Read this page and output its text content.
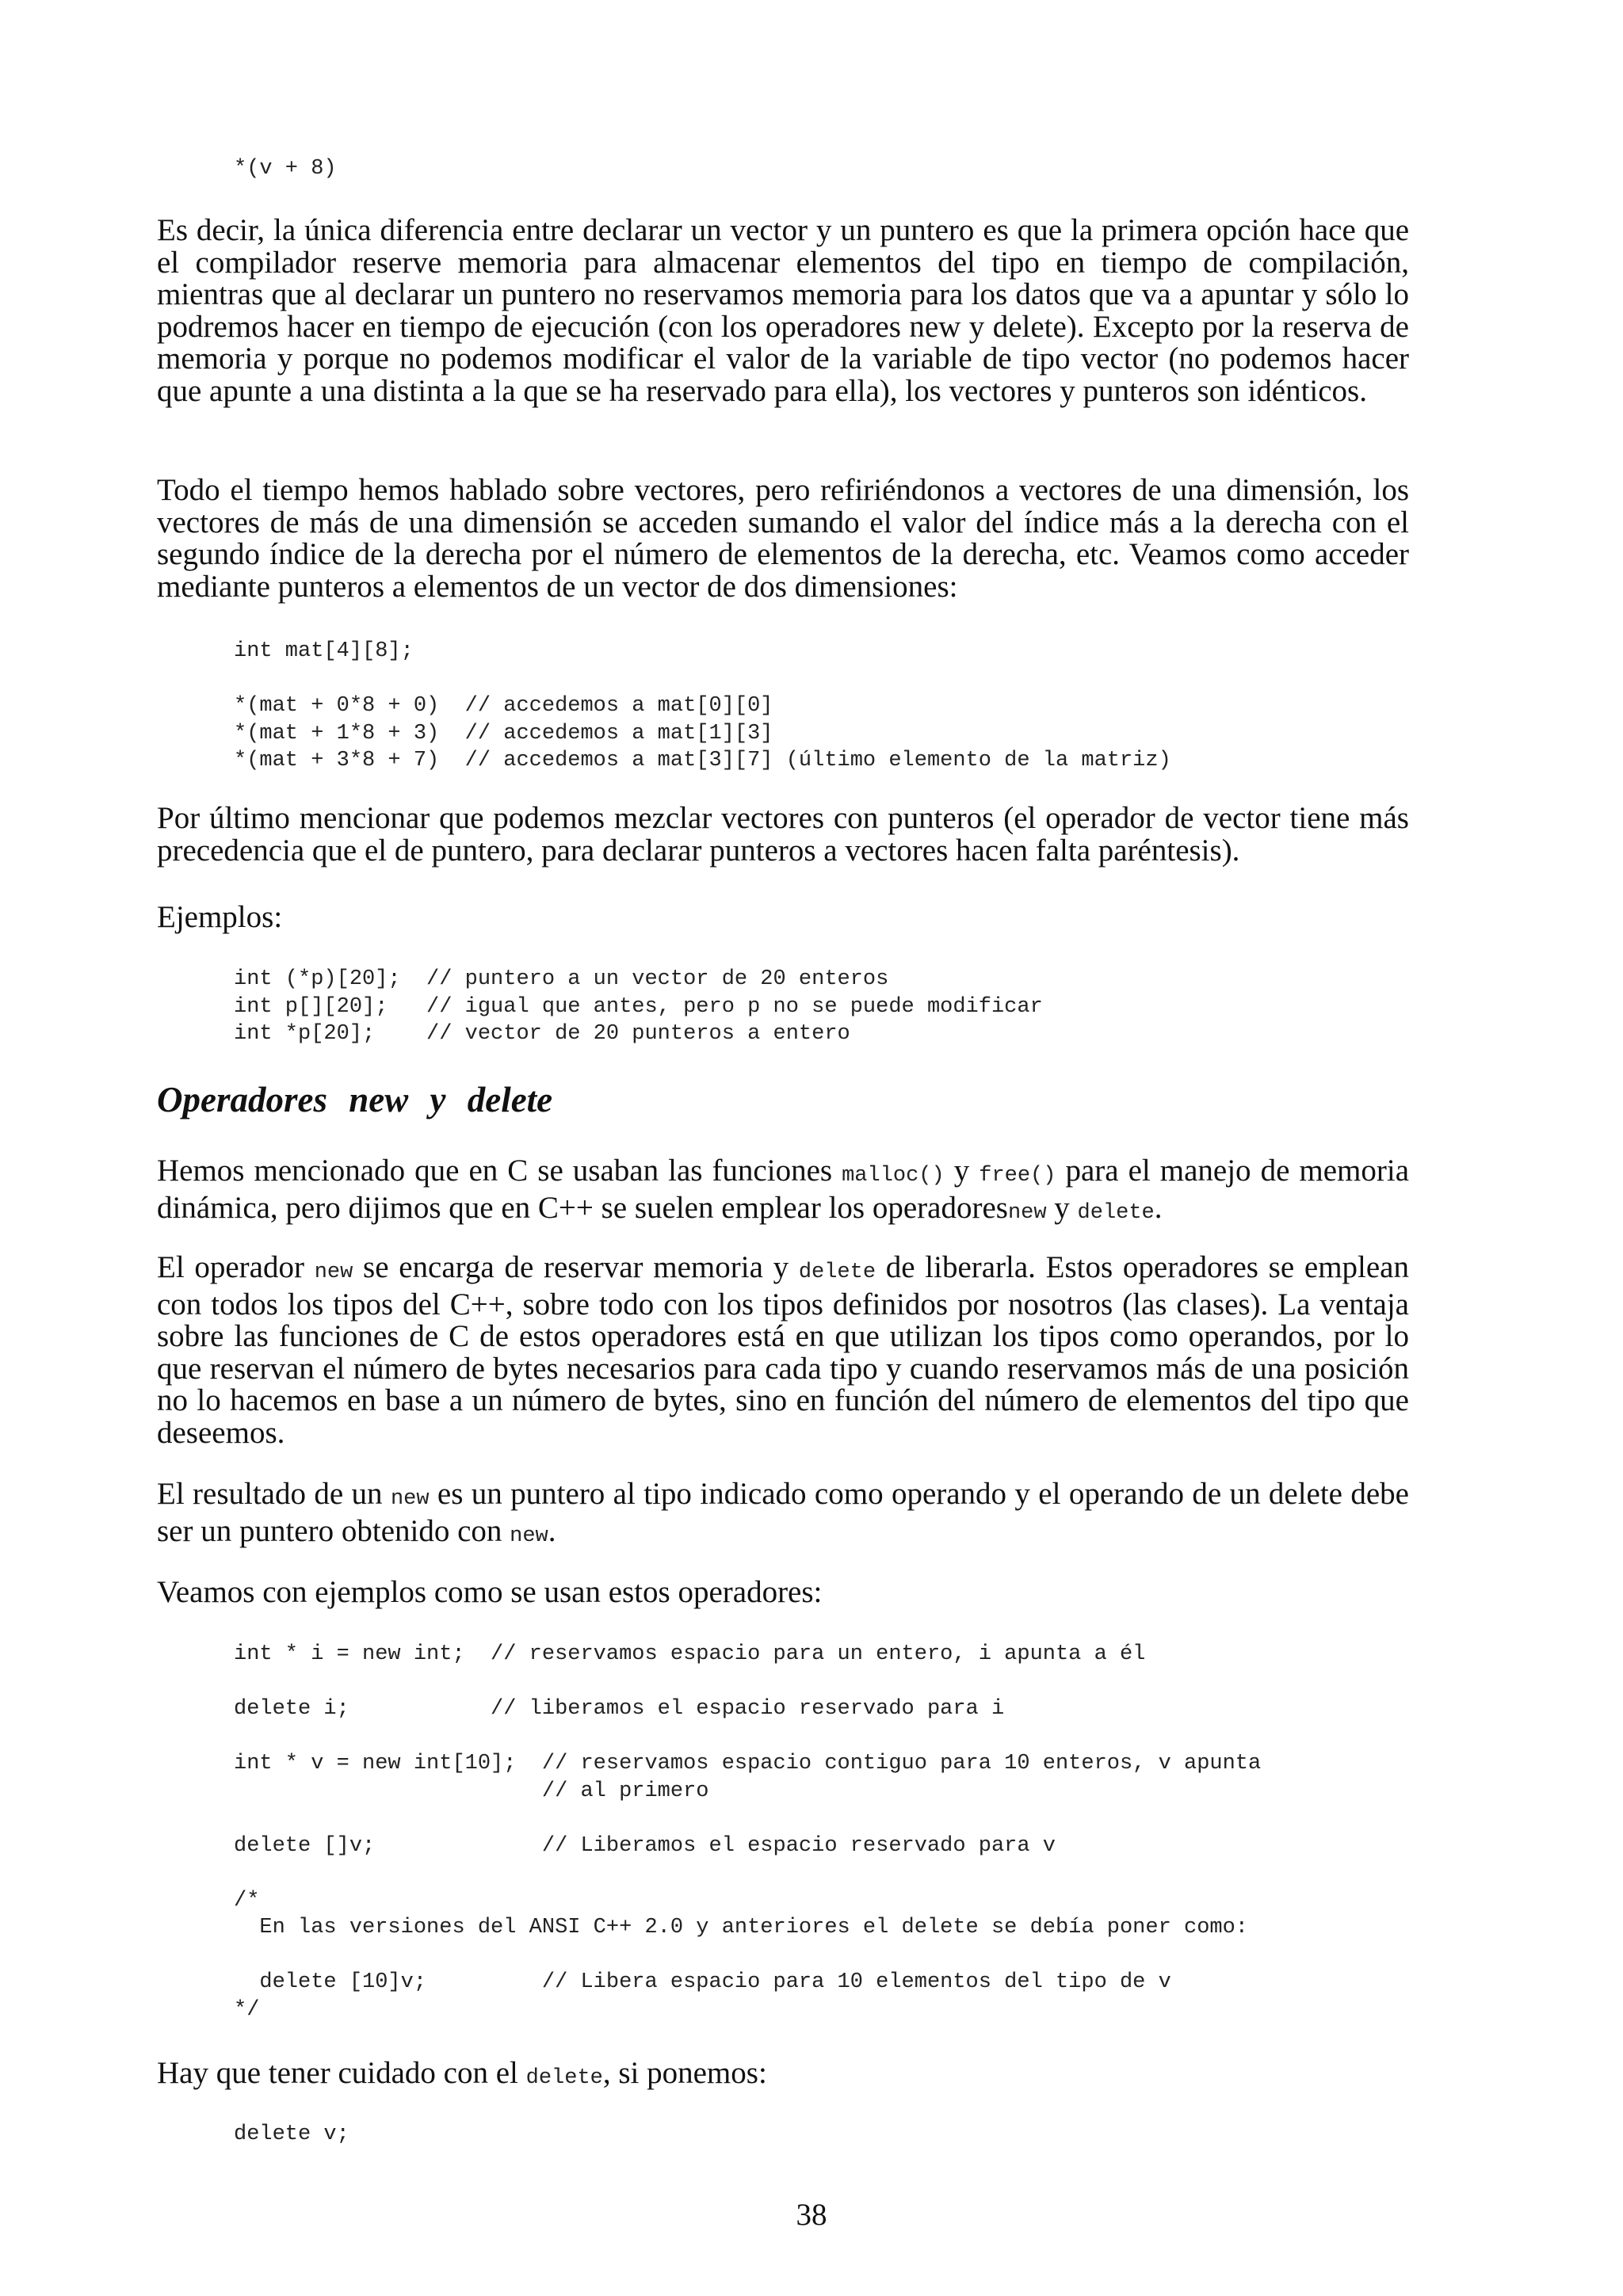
*(v + 8)

Es decir, la única diferencia entre declarar un vector y un puntero es que la primera opción hace que el compilador reserve memoria para almacenar elementos del tipo en tiempo de compilación, mientras que al declarar un puntero no reservamos memoria para los datos que va a apuntar y sólo lo podremos hacer en tiempo de ejecución (con los operadores new y delete). Excepto por la reserva de memoria y porque no podemos modificar el valor de la variable de tipo vector (no podemos hacer que apunte a una distinta a la que se ha reservado para ella), los vectores y punteros son idénticos.

Todo el tiempo hemos hablado sobre vectores, pero refiriéndonos a vectores de una dimensión, los vectores de más de una dimensión se acceden sumando el valor del índice más a la derecha con el segundo índice de la derecha por el número de elementos de la derecha, etc. Veamos como acceder mediante punteros a elementos de un vector de dos dimensiones:

int mat[4][8];
*(mat + 0*8 + 0)  // accedemos a mat[0][0]
*(mat + 1*8 + 3)  // accedemos a mat[1][3]
*(mat + 3*8 + 7)  // accedemos a mat[3][7] (último elemento de la matriz)

Por último mencionar que podemos mezclar vectores con punteros (el operador de vector tiene más precedencia que el de puntero, para declarar punteros a vectores hacen falta paréntesis).

Ejemplos:

int (*p)[20];  // puntero a un vector de 20 enteros
int p[][20];   // igual que antes, pero p no se puede modificar
int *p[20];    // vector de 20 punteros a entero
Operadores new y delete

Hemos mencionado que en C se usaban las funciones malloc() y free() para el manejo de memoria dinámica, pero dijimos que en C++ se suelen emplear los operadoresnew y delete.

El operador new se encarga de reservar memoria y delete de liberarla. Estos operadores se emplean con todos los tipos del C++, sobre todo con los tipos definidos por nosotros (las clases). La ventaja sobre las funciones de C de estos operadores está en que utilizan los tipos como operandos, por lo que reservan el número de bytes necesarios para cada tipo y cuando reservamos más de una posición no lo hacemos en base a un número de bytes, sino en función del número de elementos del tipo que deseemos.

El resultado de un new es un puntero al tipo indicado como operando y el operando de un delete debe ser un puntero obtenido con new.

Veamos con ejemplos como se usan estos operadores:

int * i = new int;  // reservamos espacio para un entero, i apunta a él
delete i;           // liberamos el espacio reservado para i
int * v = new int[10];  // reservamos espacio contiguo para 10 enteros, v apunta
// al primero
delete []v;             // Liberamos el espacio reservado para v
/*
En las versiones del ANSI C++ 2.0 y anteriores el delete se debía poner como:
delete [10]v;         // Libera espacio para 10 elementos del tipo de v
*/

Hay que tener cuidado con el delete, si ponemos:

delete v;
38
